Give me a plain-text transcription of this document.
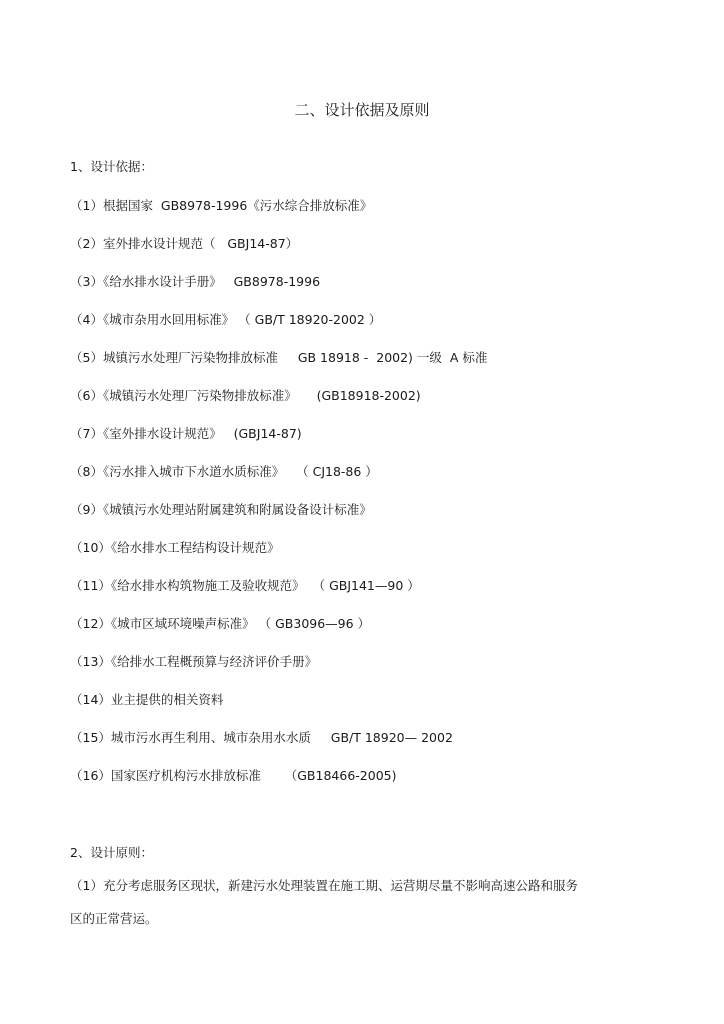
二、设计依据及原则
1、设计依据：
（1）根据国家  GB8978-1996《污水综合排放标准》
（2）室外排水设计规范（   GBJ14-87）
（3）《给水排水设计手册》   GB8978-1996
（4）《城市杂用水回用标准》 （ GB/T 18920-2002 ）
（5）城镇污水处理厂污染物排放标准     GB 18918 -  2002) 一级  A 标准
（6）《城镇污水处理厂污染物排放标准》     (GB18918-2002)
（7）《室外排水设计规范》   (GBJ14-87)
（8）《污水排入城市下水道水质标准》   （ CJ18-86 ）
（9）《城镇污水处理站附属建筑和附属设备设计标准》
（10）《给水排水工程结构设计规范》
（11）《给水排水构筑物施工及验收规范》  （ GBJ141—90 ）
（12）《城市区域环境噪声标准》 （ GB3096—96 ）
（13）《给排水工程概预算与经济评价手册》
（14）业主提供的相关资料
（15）城市污水再生利用、城市杂用水水质     GB/T 18920— 2002
（16）国家医疗机构污水排放标准      （GB18466-2005)
2、设计原则：
（1）充分考虑服务区现状，新建污水处理装置在施工期、运营期尽量不影响高速公路和服务
区的正常营运。
